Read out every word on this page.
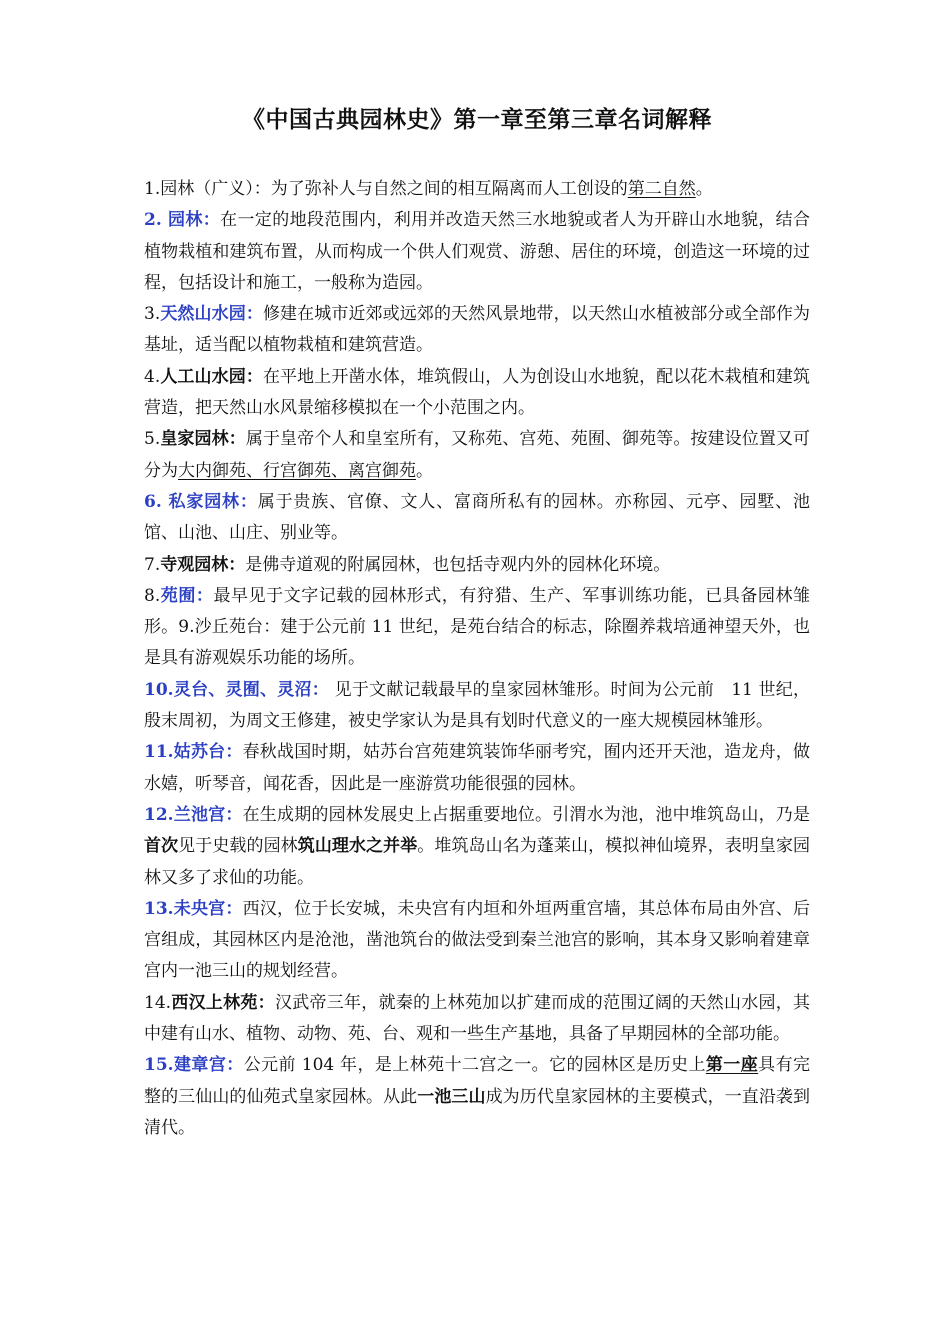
《中国古典园林史》第一章至第三章名词解释

1.园林（广义）：为了弥补人与自然之间的相互隔离而人工创设的第二自然。

2. 园林：在一定的地段范围内，利用并改造天然三水地貌或者人为开辟山水地貌，结合植物栽植和建筑布置，从而构成一个供人们观赏、游憩、居住的环境，创造这一环境的过程，包括设计和施工，一般称为造园。

3.天然山水园：修建在城市近郊或远郊的天然风景地带，以天然山水植被部分或全部作为基址，适当配以植物栽植和建筑营造。

4.人工山水园：在平地上开凿水体，堆筑假山，人为创设山水地貌，配以花木栽植和建筑营造，把天然山水风景缩移模拟在一个小范围之内。

5.皇家园林：属于皇帝个人和皇室所有，又称苑、宫苑、苑囿、御苑等。按建设位置又可分为大内御苑、行宫御苑、离宫御苑。

6. 私家园林：属于贵族、官僚、文人、富商所私有的园林。亦称园、元亭、园墅、池馆、山池、山庄、别业等。

7.寺观园林：是佛寺道观的附属园林，也包括寺观内外的园林化环境。

8.苑囿：最早见于文字记载的园林形式，有狩猎、生产、军事训练功能，已具备园林雏形。9.沙丘苑台：建于公元前 11 世纪，是苑台结合的标志，除圈养栽培通神望天外，也是具有游观娱乐功能的场所。

10.灵台、灵囿、灵沼： 见于文献记载最早的皇家园林雏形。时间为公元前　11 世纪，殷末周初，为周文王修建，被史学家认为是具有划时代意义的一座大规模园林雏形。

11.姑苏台：春秋战国时期，姑苏台宫苑建筑装饰华丽考究，囿内还开天池，造龙舟，做水嬉，听琴音，闻花香，因此是一座游赏功能很强的园林。

12.兰池宫：在生成期的园林发展史上占据重要地位。引渭水为池，池中堆筑岛山，乃是首次见于史载的园林筑山理水之并举。堆筑岛山名为蓬莱山，模拟神仙境界，表明皇家园林又多了求仙的功能。

13.未央宫：西汉，位于长安城，未央宫有内垣和外垣两重宫墙，其总体布局由外宫、后宫组成，其园林区内是沧池，凿池筑台的做法受到秦兰池宫的影响，其本身又影响着建章宫内一池三山的规划经营。

14.西汉上林苑：汉武帝三年，就秦的上林苑加以扩建而成的范围辽阔的天然山水园，其中建有山水、植物、动物、苑、台、观和一些生产基地，具备了早期园林的全部功能。

15.建章宫：公元前 104 年，是上林苑十二宫之一。它的园林区是历史上第一座具有完整的三仙山的仙苑式皇家园林。从此一池三山成为历代皇家园林的主要模式，一直沿袭到清代。
